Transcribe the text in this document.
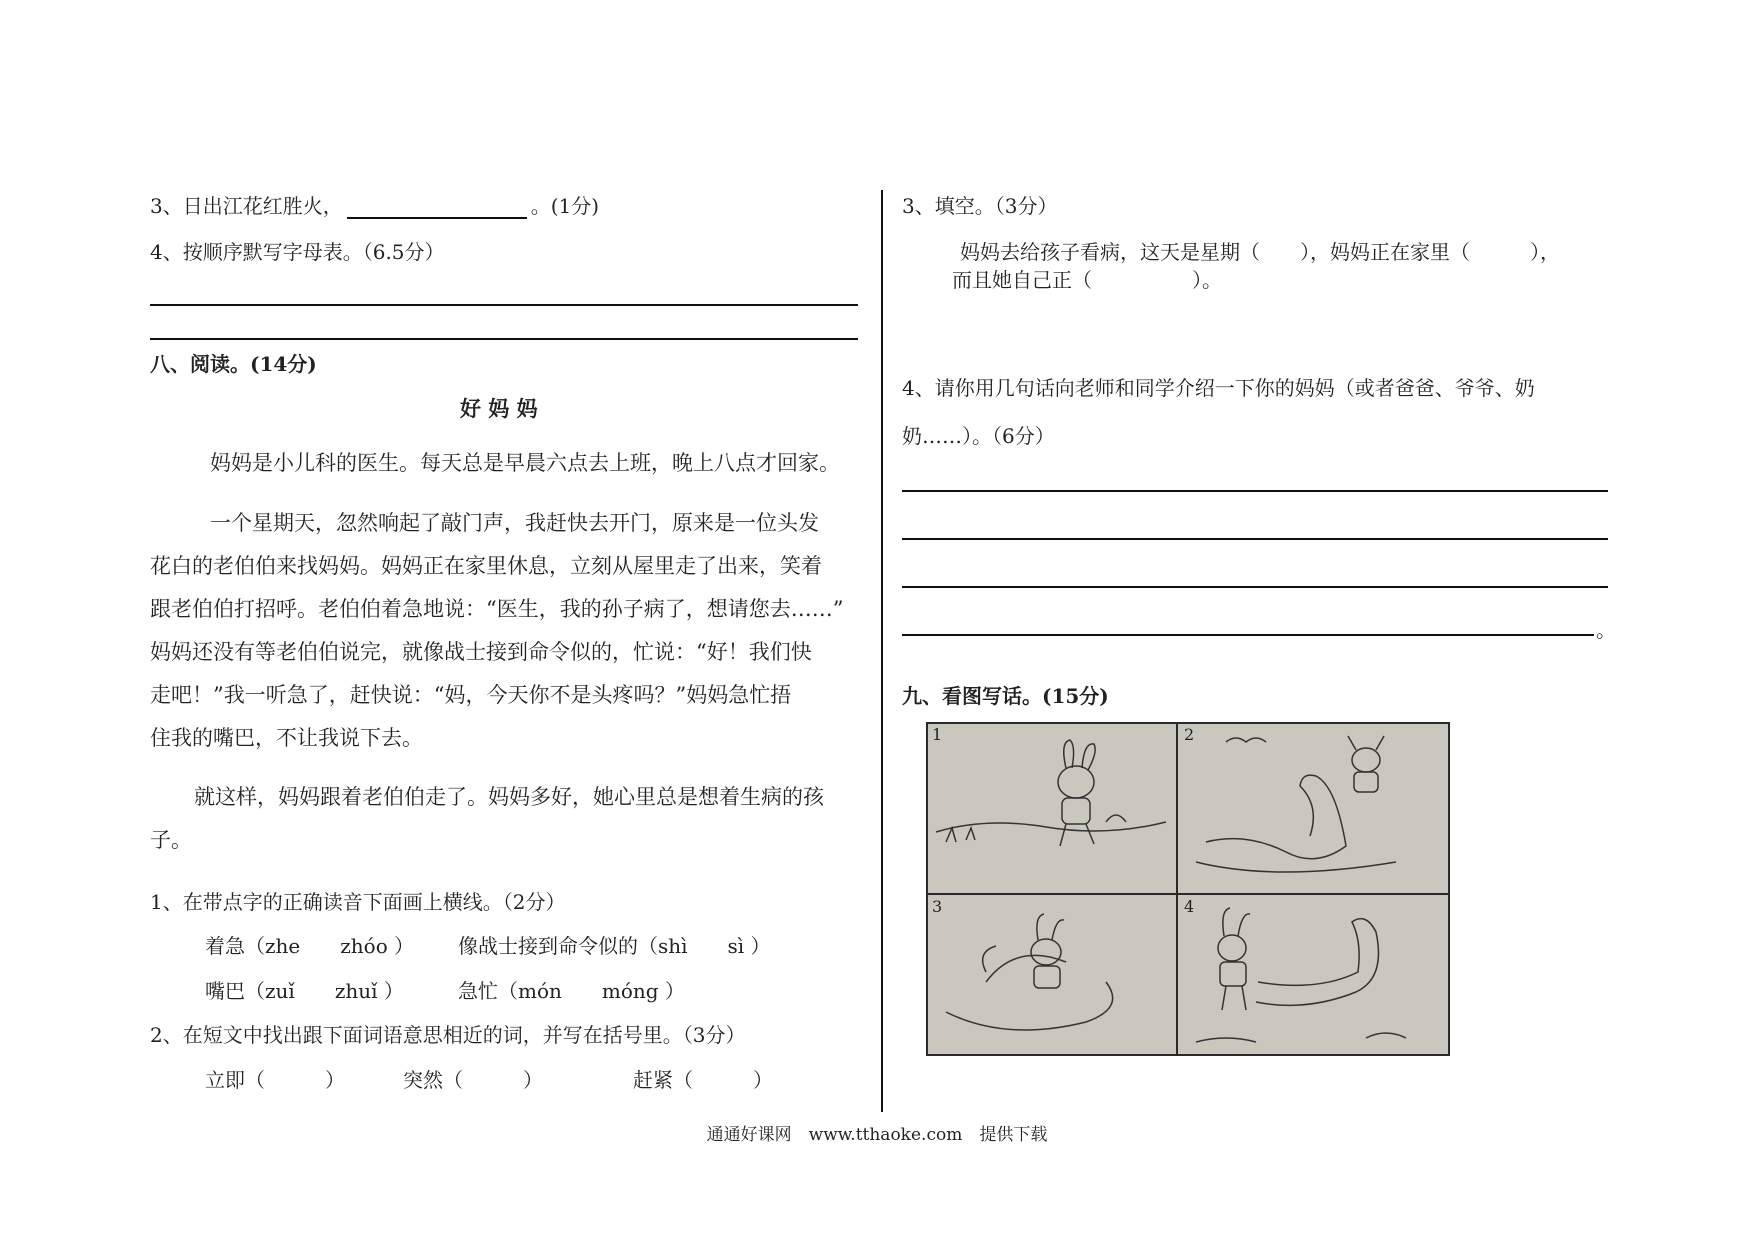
3、日出江花红胜火，	。(1分)
4、按顺序默写字母表。（6.5分）
八、阅读。(14分)
好 妈 妈

妈妈是小儿科的医生。每天总是早晨六点去上班，晚上八点才回家。

一个星期天，忽然响起了敲门声，我赶快去开门，原来是一位头发

花白的老伯伯来找妈妈。妈妈正在家里休息，立刻从屋里走了出来，笑着

跟老伯伯打招呼。老伯伯着急地说：“医生，我的孙子病了，想请您去……”

妈妈还没有等老伯伯说完，就像战士接到命令似的，忙说：“好！我们快

走吧！”我一听急了，赶快说：“妈，今天你不是头疼吗？”妈妈急忙捂

住我的嘴巴，不让我说下去。

就这样，妈妈跟着老伯伯走了。妈妈多好，她心里总是想着生病的孩

子。

1、在带点字的正确读音下面画上横线。（2分）
着急（zhe　　zhóo ） 像战士接到命令似的（shì　　sì ）
嘴巴（zuǐ　　zhuǐ ）	急忙（món　　móng ）
2、在短文中找出跟下面词语意思相近的词，并写在括号里。（3分）
立即（　　　）	突然（　　　）	赶紧（　　　）
3、填空。（3分）
妈妈去给孩子看病，这天是星期（　　），妈妈正在家里（　　　），
而且她自己正（　　　　　）。
4、请你用几句话向老师和同学介绍一下你的妈妈（或者爸爸、爷爷、奶
奶……）。（6分）
。
九、看图写话。(15分)
1	2
3	4
通通好课网　www.tthaoke.com　提供下载
